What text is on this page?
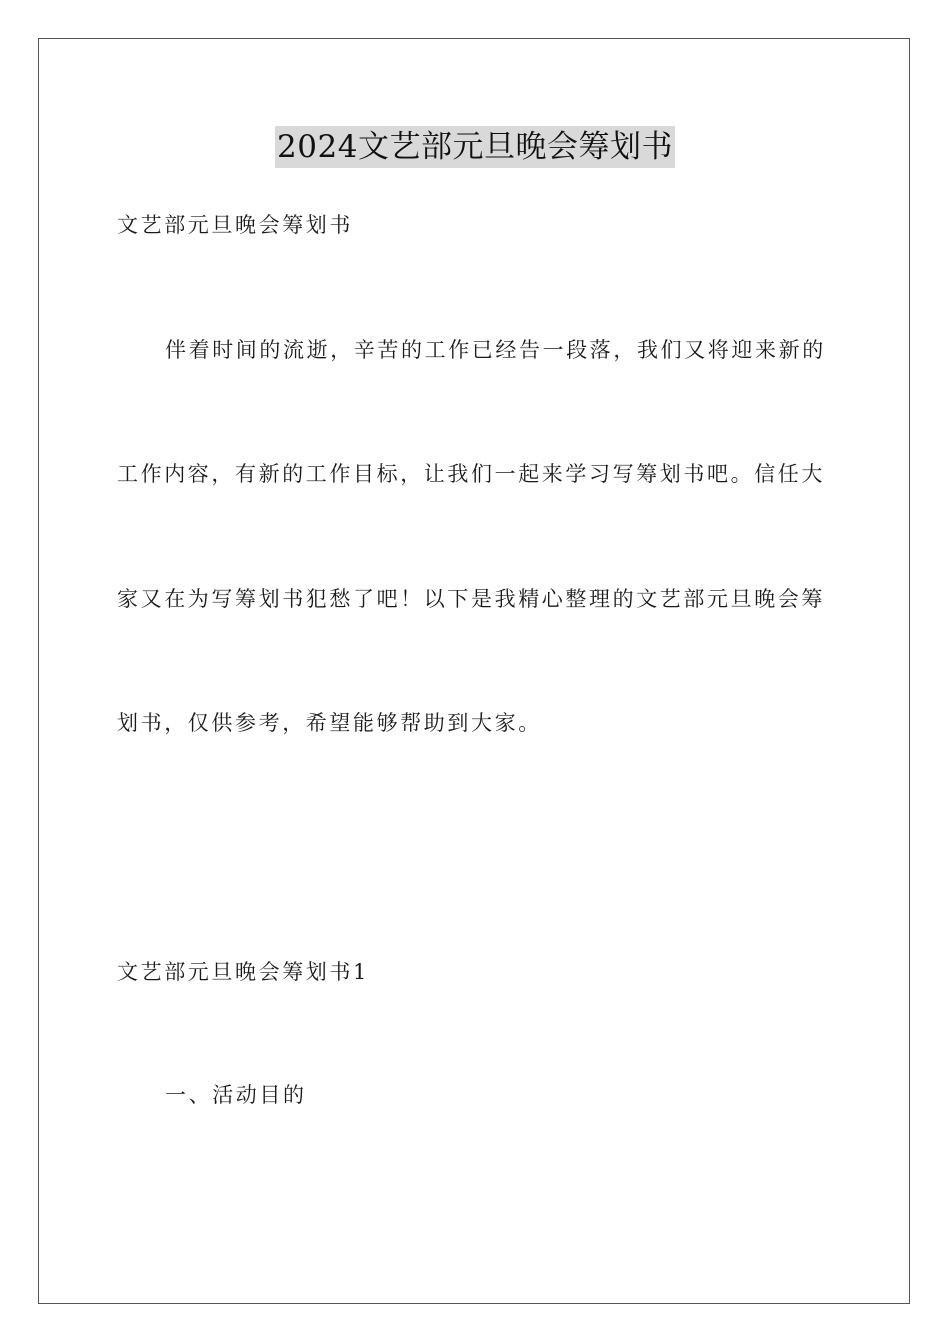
2024文艺部元旦晚会筹划书
文艺部元旦晚会筹划书
伴着时间的流逝，辛苦的工作已经告一段落，我们又将迎来新的
工作内容，有新的工作目标，让我们一起来学习写筹划书吧。信任大
家又在为写筹划书犯愁了吧！以下是我精心整理的文艺部元旦晚会筹
划书，仅供参考，希望能够帮助到大家。
文艺部元旦晚会筹划书1
一、活动目的
